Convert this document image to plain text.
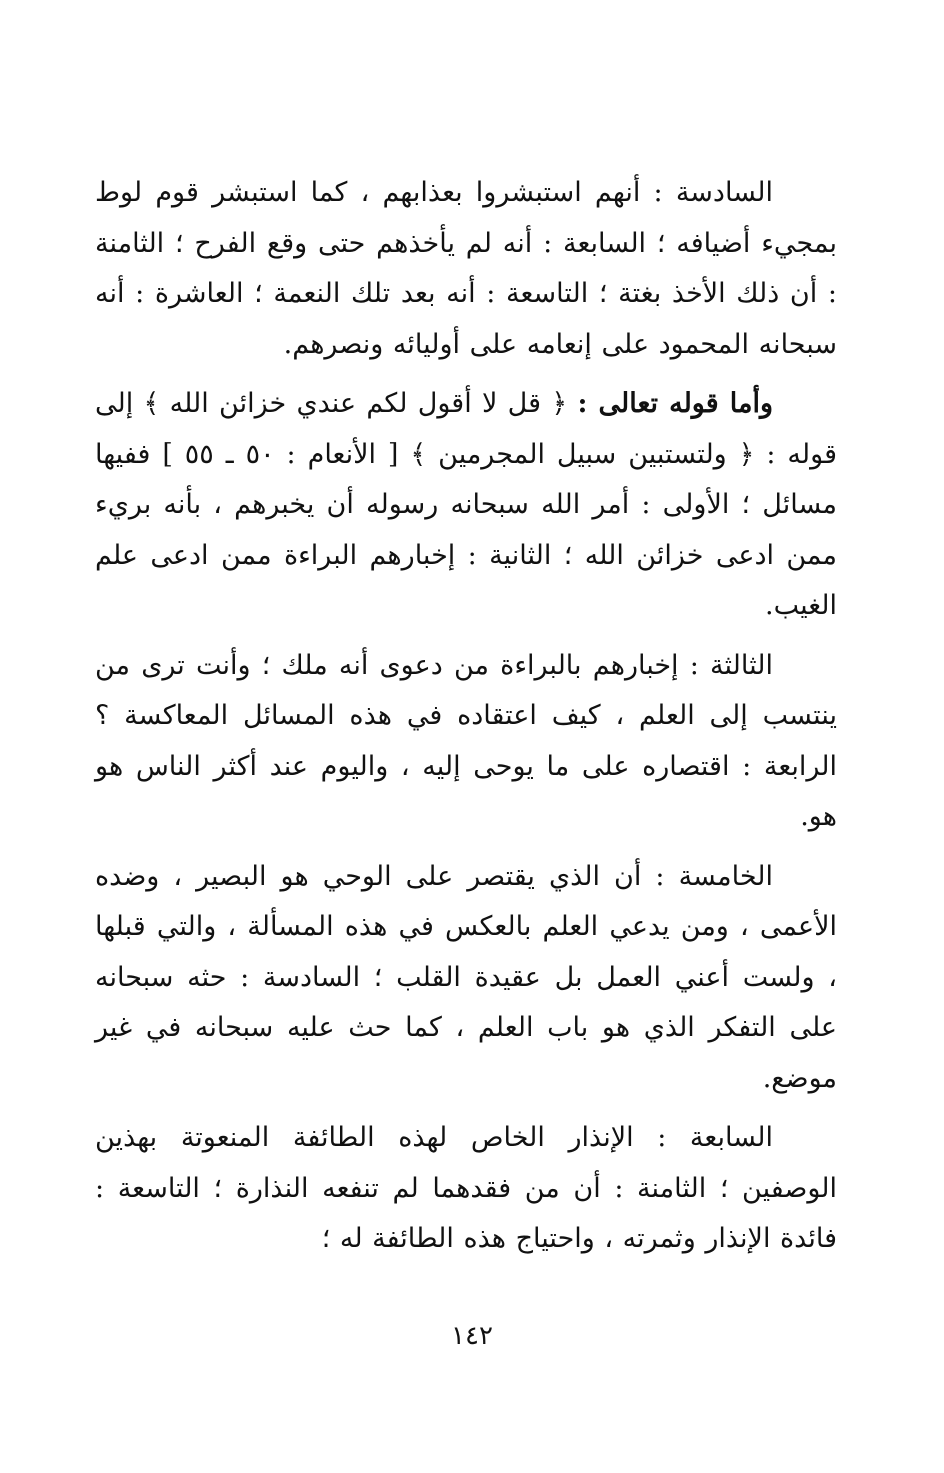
السادسة : أنهم استبشروا بعذابهم ، كما استبشر قوم لوط بمجيء أضيافه ؛ السابعة : أنه لم يأخذهم حتى وقع الفرح ؛ الثامنة : أن ذلك الأخذ بغتة ؛ التاسعة : أنه بعد تلك النعمة ؛ العاشرة : أنه سبحانه المحمود على إنعامه على أوليائه ونصرهم.

وأما قوله تعالى : ﴿ قل لا أقول لكم عندي خزائن الله ﴾ إلى قوله : ﴿ ولتستبين سبيل المجرمين ﴾ [ الأنعام : ٥٠ ـ ٥٥ ] ففيها مسائل ؛ الأولى : أمر الله سبحانه رسوله أن يخبرهم ، بأنه بريء ممن ادعى خزائن الله ؛ الثانية : إخبارهم البراءة ممن ادعى علم الغيب.

الثالثة : إخبارهم بالبراءة من دعوى أنه ملك ؛ وأنت ترى من ينتسب إلى العلم ، كيف اعتقاده في هذه المسائل المعاكسة ؟ الرابعة : اقتصاره على ما يوحى إليه ، واليوم عند أكثر الناس هو هو.

الخامسة : أن الذي يقتصر على الوحي هو البصير ، وضده الأعمى ، ومن يدعي العلم بالعكس في هذه المسألة ، والتي قبلها ، ولست أعني العمل بل عقيدة القلب ؛ السادسة : حثه سبحانه على التفكر الذي هو باب العلم ، كما حث عليه سبحانه في غير موضع.

السابعة : الإنذار الخاص لهذه الطائفة المنعوتة بهذين الوصفين ؛ الثامنة : أن من فقدهما لم تنفعه النذارة ؛ التاسعة : فائدة الإنذار وثمرته ، واحتياج هذه الطائفة له ؛

١٤٢
